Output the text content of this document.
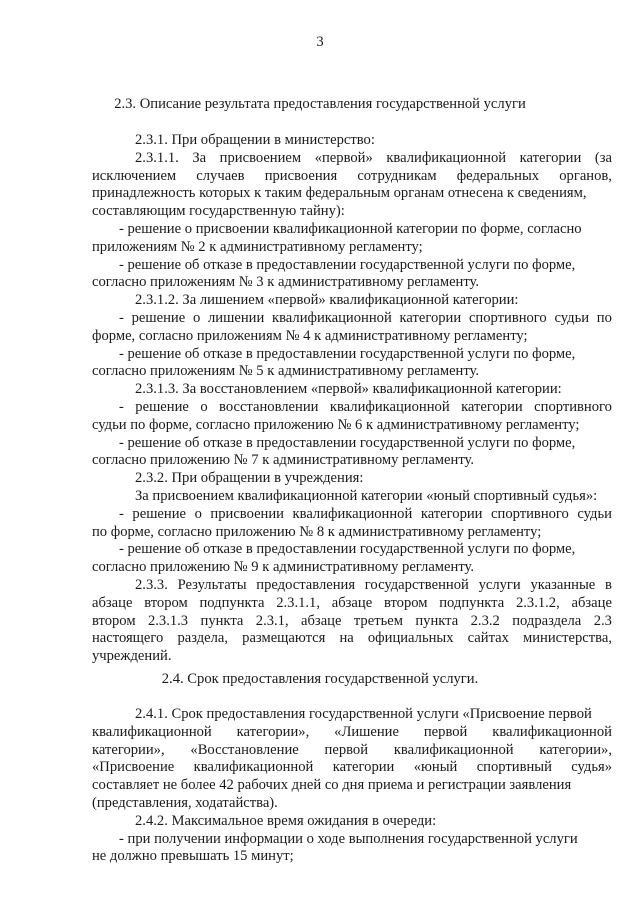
3
2.3. Описание результата предоставления государственной услуги
2.3.1. При обращении в министерство:
2.3.1.1. За присвоением «первой» квалификационной категории (за
исключением случаев присвоения сотрудникам федеральных органов,
принадлежность которых к таким федеральным органам отнесена к сведениям,
составляющим государственную тайну):
- решение о присвоении квалификационной категории по форме, согласно
приложениям № 2 к административному регламенту;
- решение об отказе в предоставлении государственной услуги по форме,
согласно приложениям № 3 к административному регламенту.
2.3.1.2. За лишением «первой» квалификационной категории:
- решение о лишении квалификационной категории спортивного судьи по
форме, согласно приложениям № 4 к административному регламенту;
- решение об отказе в предоставлении государственной услуги по форме,
согласно приложениям № 5 к административному регламенту.
2.3.1.3. За восстановлением «первой» квалификационной категории:
- решение о восстановлении квалификационной категории спортивного
судьи по форме, согласно приложению № 6 к административному регламенту;
- решение об отказе в предоставлении государственной услуги по форме,
согласно приложению № 7 к административному регламенту.
2.3.2. При обращении в учреждения:
За присвоением квалификационной категории «юный спортивный судья»:
- решение о присвоении квалификационной категории спортивного судьи
по форме, согласно приложению № 8 к административному регламенту;
- решение об отказе в предоставлении государственной услуги по форме,
согласно приложению № 9 к административному регламенту.
2.3.3. Результаты предоставления государственной услуги указанные в
абзаце втором подпункта 2.3.1.1, абзаце втором подпункта 2.3.1.2, абзаце
втором 2.3.1.3 пункта 2.3.1, абзаце третьем пункта 2.3.2 подраздела 2.3
настоящего раздела, размещаются на официальных сайтах министерства,
учреждений.
2.4. Срок предоставления государственной услуги.
2.4.1. Срок предоставления государственной услуги «Присвоение первой
квалификационной категории», «Лишение первой квалификационной
категории», «Восстановление первой квалификационной категории»,
«Присвоение квалификационной категории «юный спортивный судья»
составляет не более 42 рабочих дней со дня приема и регистрации заявления
(представления, ходатайства).
2.4.2. Максимальное время ожидания в очереди:
- при получении информации о ходе выполнения государственной услуги
не должно превышать 15 минут;
